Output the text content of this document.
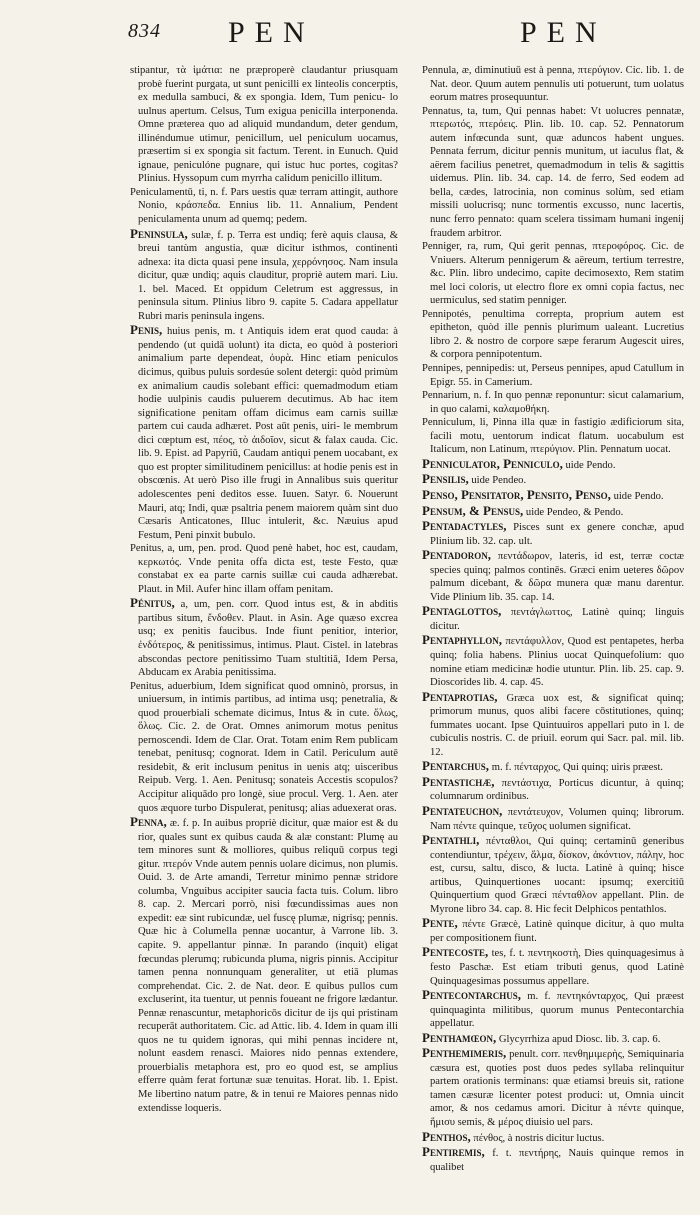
834 PEN	PEN

stipantur, τὰ ἱμάτια: ne præproperè claudantur priusquam probè fuerint purgata, ut sunt penicilli ex linteolis concerptis, ex medulla sambuci, & ex spongia. Idem, Tum penicu- lo uulnus apertum. Celsus, Tum exigua penicilla interponenda. Omne præterea quo ad aliquid mundandum, deter gendum, illinéndumue utimur, penicillum, uel peniculum uocamus, præsertim si ex spongia sit factum. Terent. in Eunuch. Quid ignaue, peniculóne pugnare, qui istuc huc portes, cogitas? Plinius. Hyssopum cum myrrha calidum penicillo illitum.

Peniculamentū, ti, n. f. Pars uestis quæ terram attingit, authore Nonio, κράσπεδα. Ennius lib. 11. Annalium, Pendent peniculamenta unum ad quemq; pedem.

Peninsula, sulæ, f. p. Terra est undiq; ferè aquis clausa, & breui tantùm angustia, quæ dicitur isthmos, continenti adnexa: ita dicta quasi pene insula, χερρόνησος. Nam insula dicitur, quæ undiq; aquis clauditur, propriè autem mari. Liu. 1. bel. Maced. Et oppidum Celetrum est aggressus, in peninsula situm. Plinius libro 9. capite 5. Cadara appellatur Rubri maris peninsula ingens.

Penis, huius penis, m. t Antiquis idem erat quod cauda: à pendendo (ut quidā uolunt) ita dicta, eo quòd à posteriori animalium parte dependeat, ὀυρὰ. Hinc etiam peniculos dicimus, quibus puluis sordesúe solent detergi: quòd primùm ex animalium caudis solebant effici: quemadmodum etiam hodie uulpinis caudis puluerem decutimus. Ab hac item significatione penitam offam dicimus eam carnis suillæ partem cui cauda adhæret. Post aūt penis, uiri- le membrum dici cœptum est, πέος, τὸ ἀιδοῖον, sicut & falax cauda. Cic. lib. 9. Epist. ad Papyriū, Caudam antiqui penem uocabant, ex quo est propter similitudinem penicillus: at hodie penis est in obscœnis. At uerò Piso ille frugi in Annalibus suis queritur adolescentes peni deditos esse. Iuuen. Satyr. 6. Nouerunt Mauri, atq; Indi, quæ psaltria penem maiorem quàm sint duo Cæsaris Anticatones, Illuc intulerit, &c. Næuius apud Festum, Peni pinxit bubulo.

Penitus, a, um, pen. prod. Quod penè habet, hoc est, caudam, κερκωτός. Vnde penita offa dicta est, teste Festo, quæ constabat ex ea parte carnis suillæ cui cauda adhærebat. Plaut. in Mil. Aufer hinc illam offam penitam.

Pénitus, a, um, pen. corr. Quod intus est, & in abditis partibus situm, ἔνδοθεν. Plaut. in Asin. Age quæso excrea usq; ex penitis faucibus. Inde fiunt penitior, interior, ἐνδότερος, & penitissimus, intimus. Plaut. Cistel. in latebras abscondas pectore penitissimo Tuam stultitiā, Idem Persa, Abducam ex Arabia penitissima.

Penitus, aduerbium, Idem significat quod omninò, prorsus, in uniuersum, in intimis partibus, ad intima usq; penetralia, & quod prouerbiali schemate dicimus, Intus & in cute. ὅλως, ὅλως. Cic. 2. de Orat. Omnes animorum motus penitus pernoscendi. Idem de Clar. Orat. Totam enim Rem publicam tenebat, penitusq; cognorat. Idem in Catil. Periculum autē residebit, & erit inclusum penitus in uenis atq; uisceribus Reipub. Verg. 1. Aen. Penitusq; sonateis Accestis scopulos? Accipitur aliquādo pro longè, siue procul. Verg. 1. Aen. ater quos æquore turbo Dispulerat, penitusq; alias aduexerat oras.

Penna, æ. f. p. In auibus propriè dicitur, quæ maior est & du rior, quales sunt ex quibus cauda & alæ constant: Plumę au tem minores sunt & molliores, quibus reliquū corpus tegi gitur. πτερόν Vnde autem pennis uolare dicimus, non plumis. Ouid. 3. de Arte amandi, Terretur minimo pennæ stridore columba, Vnguibus accipiter saucia facta tuis. Colum. libro 8. cap. 2. Mercari porrò, nisi fœcundissimas aues non expedit: eæ sint rubicundæ, uel fuscę plumæ, nigrisq; pennis. Quæ hic à Columella pennæ uocantur, à Varrone lib. 3. capite. 9. appellantur pinnæ. In parando (inquit) eligat fœcundas plerumq; rubicunda pluma, nigris pinnis. Accipitur tamen penna nonnunquam generaliter, ut etiā plumas comprehendat. Cic. 2. de Nat. deor. E quibus pullos cum excluserint, ita tuentur, ut pennis foueant ne frigore lædantur. Pennæ renascuntur, metaphoricōs dicitur de ijs qui pristinam recuperāt authoritatem. Cic. ad Attic. lib. 4. Idem in quam illi quos ne tu quidem ignoras, qui mihi pennas incidere nt, nolunt easdem renasci. Maiores nido pennas extendere, prouerbialis metaphora est, pro eo quod est, se amplius efferre quàm ferat fortunæ suæ tenuitas. Horat. lib. 1. Epist. Me libertino natum patre, & in tenui re Maiores pennas nido extendisse loqueris.

Pennula, æ, diminutiuū est à penna, πτερύγιον. Cic. lib. 1. de Nat. deor. Quum autem pennulis uti potuerunt, tum uolatus eorum matres prosequuntur.

Pennatus, ta, tum, Qui pennas habet: Vt uolucres pennatæ, πτερωτός, πτερόεις. Plin. lib. 10. cap. 52. Pennatorum autem infœcunda sunt, quæ aduncos habent ungues. Pennata ferrum, dicitur pennis munitum, ut iaculus flat, & aërem facilius penetret, quemadmodum in telis & sagittis uidemus. Plin. lib. 34. cap. 14. de ferro, Sed eodem ad bella, cædes, latrocinia, non cominus solùm, sed etiam missili uolucrisq; nunc tormentis excusso, nunc lacertis, nunc ferro pennato: quam scelera tissimam humani ingenij fraudem arbitror.

Penniger, ra, rum, Qui gerit pennas, πτεροφόρος. Cic. de Vniuers. Alterum pennigerum & aëreum, tertium terrestre, &c. Plin. libro undecimo, capite decimosexto, Rem statim mel loci coloris, ut electro flore ex omni copia factus, nec uermiculus, sed statim penniger.

Pennipotés, penultima correpta, proprium autem est epitheton, quòd ille pennis plurimum ualeant. Lucretius libro 2. & nostro de corpore sæpe ferarum Augescit uires, & corpora pennipotentum.

Pennipes, pennipedis: ut, Perseus pennipes, apud Catullum in Epigr. 55. in Camerium.

Pennarium, n. f. In quo pennæ reponuntur: sicut calamarium, in quo calami, καλαμοθήκη.

Penniculum, li, Pinna illa quæ in fastigio ædificiorum sita, facili motu, uentorum indicat flatum. uocabulum est Italicum, non Latinum, πτερύγιον. Plin. Pennatum uocat.

Penniculator, Penniculo, uide Pendo.

Pensilis, uide Pendeo.

Penso, Pensitator, Pensito, Penso, uide Pendo.

Pensum, & Pensus, uide Pendeo, & Pendo.

Pentadactyles, Pisces sunt ex genere conchæ, apud Plinium lib. 32. cap. ult.

Pentadoron, πεντάδωρον, lateris, id est, terræ coctæ species quinq; palmos continēs. Græci enim ueteres δῶρον palmum dicebant, & δῶρα munera quæ manu darentur. Vide Plinium lib. 35. cap. 14.

Pentaglottos, πεντάγλωττος, Latinè quinq; linguis dicitur.

Pentaphyllon, πεντάφυλλον, Quod est pentapetes, herba quinq; folia habens. Plinius uocat Quinquefolium: quo nomine etiam medicinæ hodie utuntur. Plin. lib. 25. cap. 9. Dioscorides lib. 4. cap. 45.

Pentaprotias, Græca uox est, & significat quinq; primorum munus, quos alibi facere cōstitutiones, quinq; fummates uocant. Ipse Quintuuiros appellari puto in l. de cubiculis nostris. C. de priuil. eorum qui Sacr. pal. mil. lib. 12.

Pentarchus, m. f. πένταρχος, Qui quinq; uiris præest.

Pentastichæ, πεντάστιχα, Porticus dicuntur, à quinq; columnarum ordinibus.

Pentateuchon, πεντάτευχον, Volumen quinq; librorum. Nam πέντε quinque, τεῦχος uolumen significat.

Pentathli, πένταθλοι, Qui quinq; certaminū generibus contendiuntur, τρέχειν, ἅλμα, δίσκον, ἀκόντιον, πάλην, hoc est, cursu, saltu, disco, & lucta. Latinè à quinq; hisce artibus, Quinquertiones uocant: ipsumq; exercitiū Quinquertium quod Græci πένταθλον appellant. Plin. de Myrone libro 34. cap. 8. Hic fecit Delphicos pentathlos.

Pente, πέντε Græcè, Latinè quinque dicitur, à quo multa per compositionem fiunt.

Pentecoste, tes, f. t. πεντηκοστὴ, Dies quinquagesimus à festo Paschæ. Est etiam tributi genus, quod Latinè Quinquagesimas possumus appellare.

Pentecontarchus, m. f. πεντηκόνταρχος, Qui præest quinquaginta militibus, quorum munus Pentecontarchia appellatur.

Penthamœon, Glycyrrhiza apud Diosc. lib. 3. cap. 6.

Penthemimeris, penult. corr. πενθημιμερὴς, Semiquinaria cæsura est, quoties post duos pedes syllaba relinquitur partem orationis terminans: quæ etiamsi breuis sit, ratione tamen cæsuræ licenter potest produci: ut, Omnia uincit amor, & nos cedamus amori. Dicitur à πέντε quinque, ἥμισυ semis, & μέρος diuisio uel pars.

Penthos, πένθος, à nostris dicitur luctus.

Pentiremis, f. t. πεντήρης, Nauis quinque remos in qualibet
